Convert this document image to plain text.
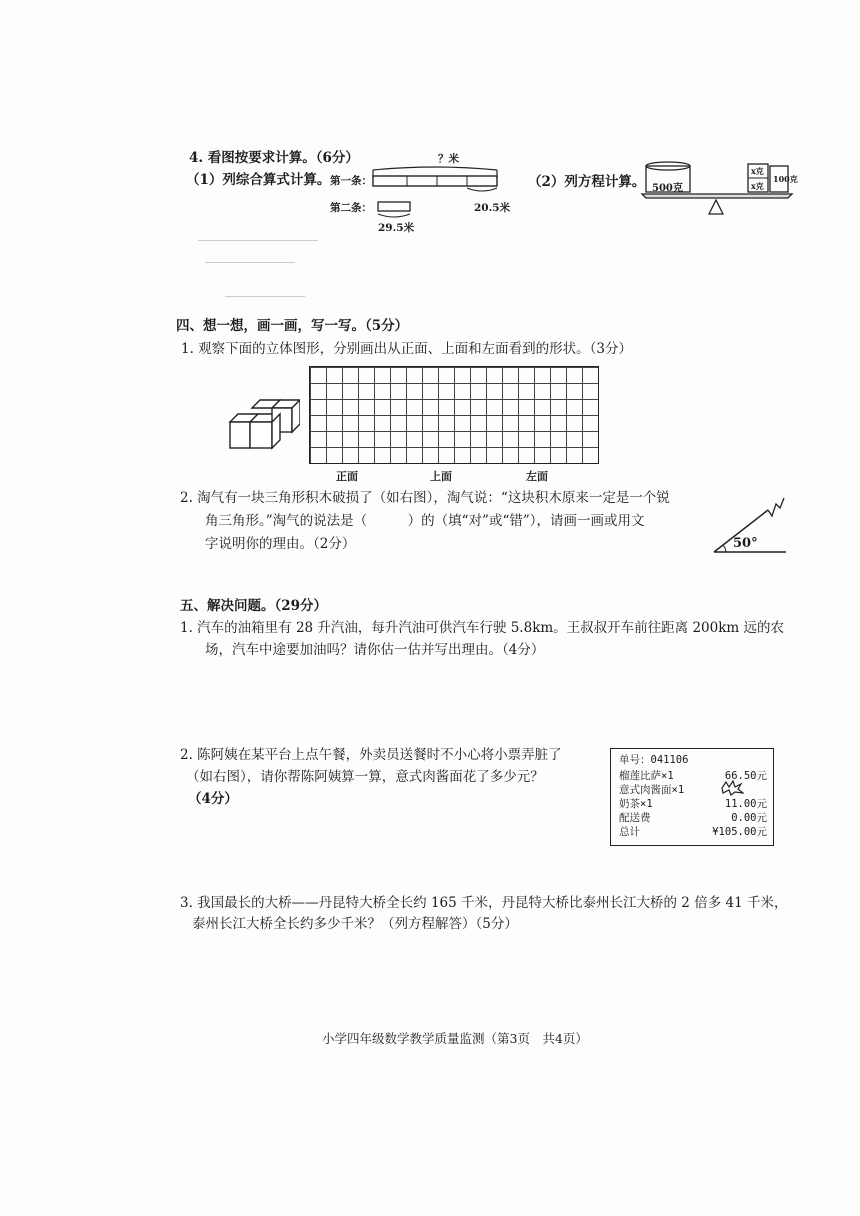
4. 看图按要求计算。（6分）
（1）列综合算式计算。
？米
第一条：
第二条：	20.5米
29.5米
（2）列方程计算。 500克
x克
x克
100克
四、想一想，画一画，写一写。（5分）
1. 观察下面的立体图形，分别画出从正面、上面和左面看到的形状。（3分）
正面	上面	左面
2. 淘气有一块三角形积木破损了（如右图），淘气说：“这块积木原来一定是一个锐
角三角形。”淘气的说法是（　　　）的（填“对”或“错”），请画一画或用文
字说明你的理由。（2分）	50°
五、解决问题。（29分）
1. 汽车的油箱里有 28 升汽油，每升汽油可供汽车行驶 5.8km。王叔叔开车前往距离 200km 远的农
场，汽车中途要加油吗？请你估一估并写出理由。（4分）
2. 陈阿姨在某平台上点午餐，外卖员送餐时不小心将小票弄脏了
（如右图），请你帮陈阿姨算一算，意式肉酱面花了多少元？
（4分）
单号：041106
榴莲比萨×1	66.50元
意式肉酱面×1
奶茶×1	11.00元
配送费	0.00元
总计	¥105.00元
3. 我国最长的大桥——丹昆特大桥全长约 165 千米，丹昆特大桥比泰州长江大桥的 2 倍多 41 千米，
泰州长江大桥全长约多少千米？（列方程解答）（5分）
小学四年级数学教学质量监测（第3页　共4页）
